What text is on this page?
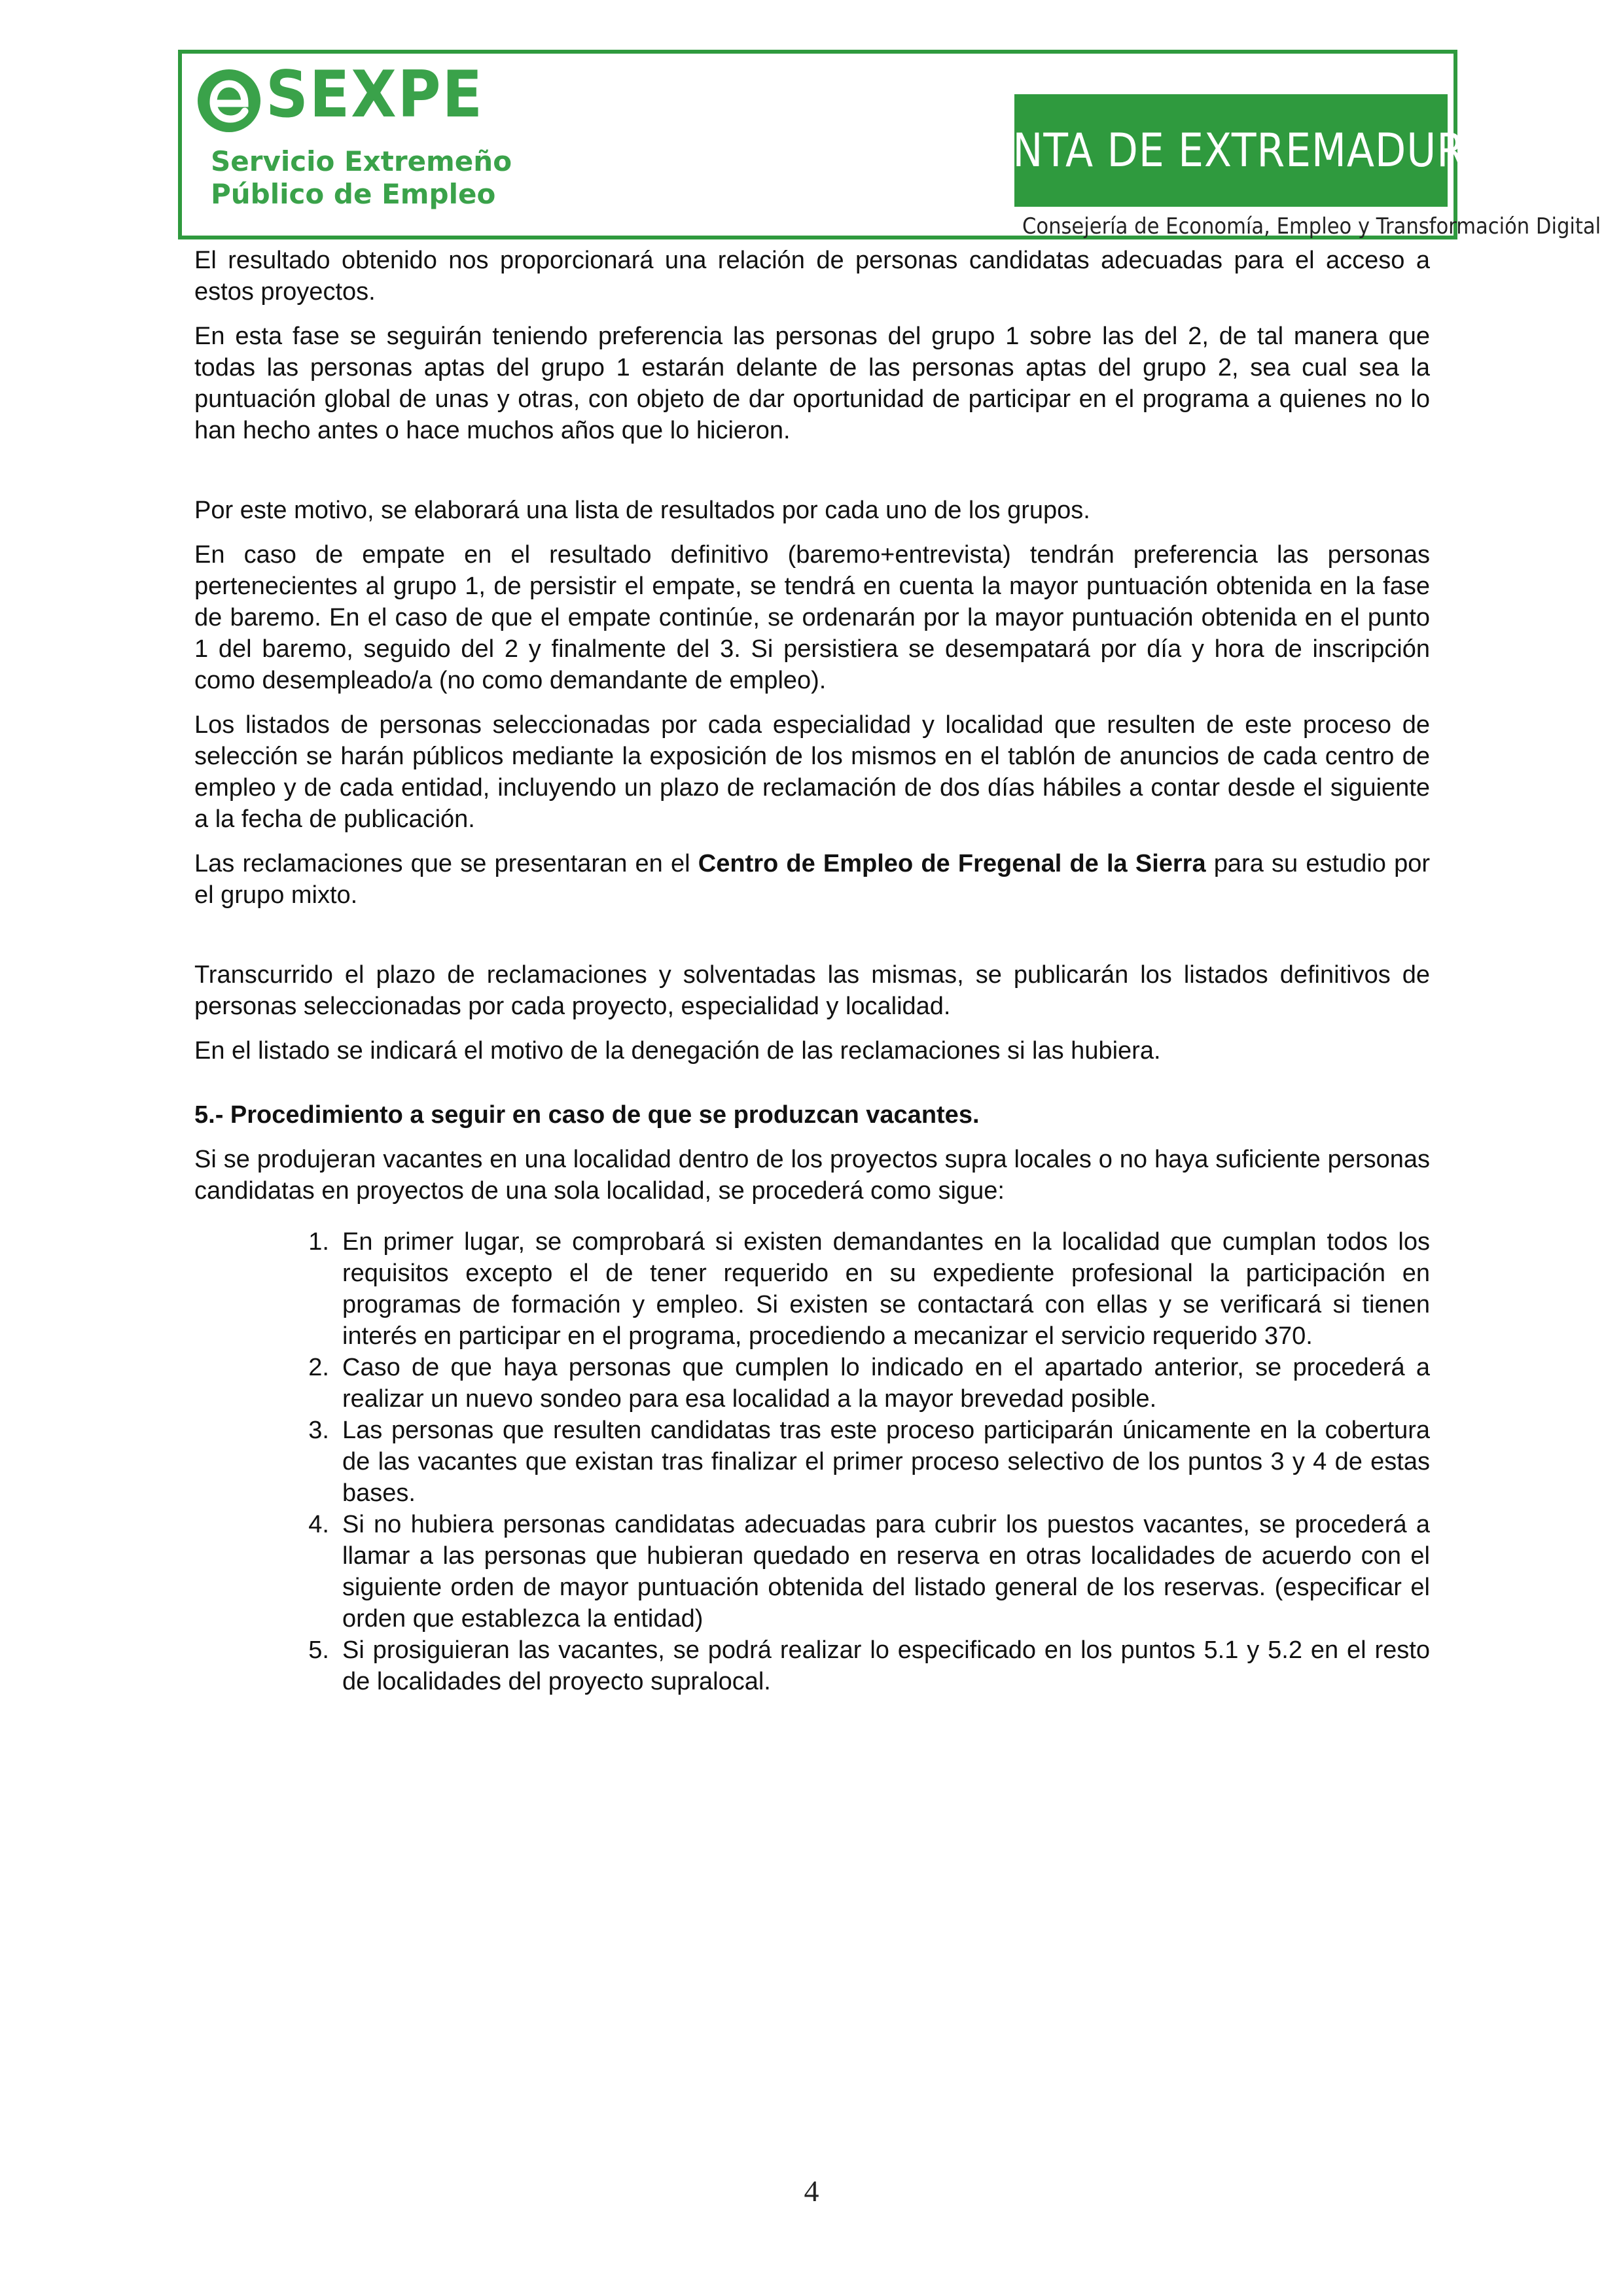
SEXPE
Servicio Extremeño
Público de Empleo
JUNTA DE EXTREMADURA
Consejería de Economía, Empleo y Transformación Digital

El resultado obtenido nos proporcionará una relación de personas candidatas adecuadas para el acceso a estos proyectos.

En esta fase se seguirán teniendo preferencia las personas del grupo 1 sobre las del 2, de tal manera que todas las personas aptas del grupo 1 estarán delante de las personas aptas del grupo 2, sea cual sea la puntuación global de unas y otras, con objeto de dar oportunidad de participar en el programa a quienes no lo han hecho antes o hace muchos años que lo hicieron.

Por este motivo, se elaborará una lista de resultados por cada uno de los grupos.

En caso de empate en el resultado definitivo (baremo+entrevista) tendrán preferencia las personas pertenecientes al grupo 1, de persistir el empate, se tendrá en cuenta la mayor puntuación obtenida en la fase de baremo. En el caso de que el empate continúe, se ordenarán por la mayor puntuación obtenida en el punto 1 del baremo, seguido del 2 y finalmente del 3. Si persistiera se desempatará por día y hora de inscripción como desempleado/a (no como demandante de empleo).

Los listados de personas seleccionadas por cada especialidad y localidad que resulten de este proceso de selección se harán públicos mediante la exposición de los mismos en el tablón de anuncios de cada centro de empleo y de cada entidad, incluyendo un plazo de reclamación de dos días hábiles a contar desde el siguiente a la fecha de publicación.

Las reclamaciones que se presentaran en el Centro de Empleo de Fregenal de la Sierra para su estudio por el grupo mixto.

Transcurrido el plazo de reclamaciones y solventadas las mismas, se publicarán los listados definitivos de personas seleccionadas por cada proyecto, especialidad y localidad.

En el listado se indicará el motivo de la denegación de las reclamaciones si las hubiera.

5.- Procedimiento a seguir en caso de que se produzcan vacantes.

Si se produjeran vacantes en una localidad dentro de los proyectos supra locales o no haya suficiente personas candidatas en proyectos de una sola localidad, se procederá como sigue:

1. En primer lugar, se comprobará si existen demandantes en la localidad que cumplan todos los requisitos excepto el de tener requerido en su expediente profesional la participación en programas de formación y empleo. Si existen se contactará con ellas y se verificará si tienen interés en participar en el programa, procediendo a mecanizar el servicio requerido 370.
2. Caso de que haya personas que cumplen lo indicado en el apartado anterior, se procederá a realizar un nuevo sondeo para esa localidad a la mayor brevedad posible.
3. Las personas que resulten candidatas tras este proceso participarán únicamente en la cobertura de las vacantes que existan tras finalizar el primer proceso selectivo de los puntos 3 y 4 de estas bases.
4. Si no hubiera personas candidatas adecuadas para cubrir los puestos vacantes, se procederá a llamar a las personas que hubieran quedado en reserva en otras localidades de acuerdo con el siguiente orden de mayor puntuación obtenida del listado general de los reservas. (especificar el orden que establezca la entidad)
5. Si prosiguieran las vacantes, se podrá realizar lo especificado en los puntos 5.1 y 5.2 en el resto de localidades del proyecto supralocal.
4
